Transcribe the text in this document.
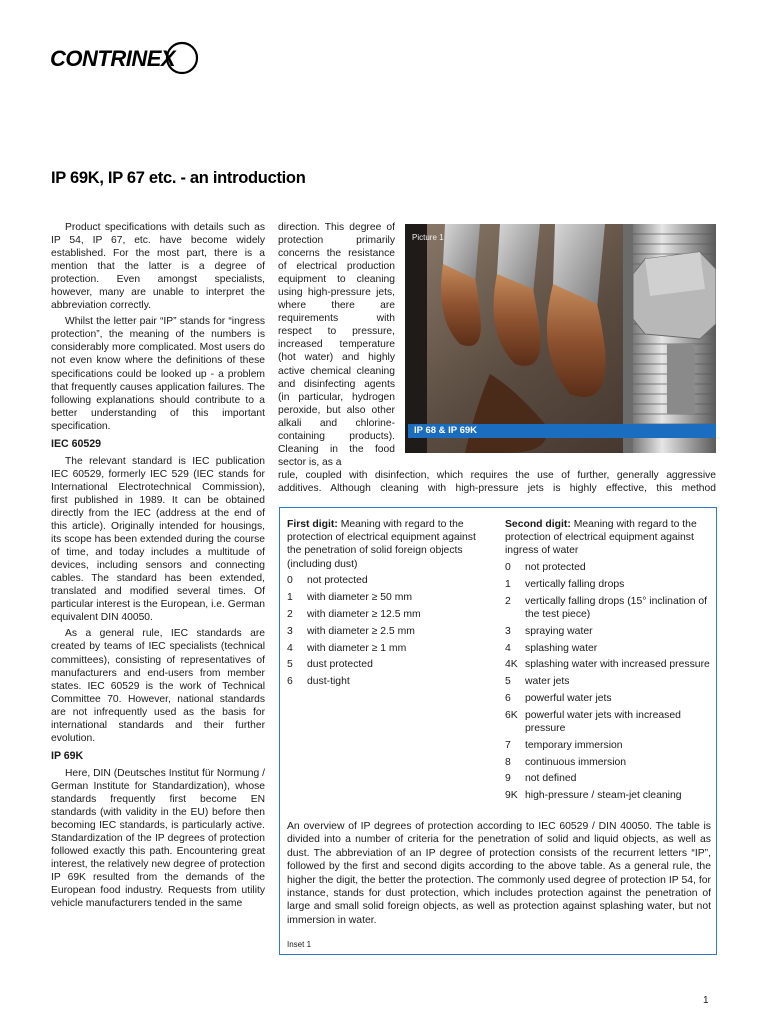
CONTRINEX
IP 69K, IP 67 etc. - an introduction

Product specifications with details such as IP 54, IP 67, etc. have become widely established. For the most part, there is a mention that the latter is a degree of protection. Even amongst specialists, however, many are unable to interpret the abbreviation correctly.

Whilst the letter pair “IP” stands for “ingress protection”, the meaning of the numbers is considerably more complicated. Most users do not even know where the definitions of these specifications could be looked up - a problem that frequently causes application failures. The following explanations should contribute to a better understanding of this important specification.

IEC 60529

The relevant standard is IEC publication IEC 60529, formerly IEC 529 (IEC stands for International Electrotechnical Commission), first published in 1989. It can be obtained directly from the IEC (address at the end of this article). Originally intended for housings, its scope has been extended during the course of time, and today includes a multitude of devices, including sensors and connecting cables. The standard has been extended, translated and modified several times. Of particular interest is the European, i.e. German equivalent DIN 40050.

As a general rule, IEC standards are created by teams of IEC specialists (technical committees), consisting of representatives of manufacturers and end-users from member states. IEC 60529 is the work of Technical Committee 70. However, national standards are not infrequently used as the basis for international standards and their further evolution.

IP 69K

Here, DIN (Deutsches Institut für Normung / German Institute for Standardization), whose standards frequently first become EN standards (with validity in the EU) before then becoming IEC standards, is particularly active. Standardization of the IP degrees of protection followed exactly this path. Encountering great interest, the relatively new degree of protection IP 69K resulted from the demands of the European food industry. Requests from utility vehicle manufacturers tended in the same

direction. This degree of protection primarily concerns the resistance of electrical production equipment to cleaning using high-pressure jets, where there are requirements with respect to pressure, increased temperature (hot water) and highly active chemical cleaning and disinfecting agents (in particular, hydrogen peroxide, but also other alkali and chlorine-containing products). Cleaning in the food sector is, as a

rule, coupled with disinfection, which requires the use of further, generally aggressive
additives. Although cleaning with high-pressure jets is highly effective, this method
Picture 1
IP 68 & IP 69K
First digit: Meaning with regard to the protection of electrical equipment against the penetration of solid foreign objects (including dust)
0	not protected
1	with diameter ≥ 50 mm
2	with diameter ≥ 12.5 mm
3	with diameter ≥ 2.5 mm
4	with diameter ≥ 1 mm
5	dust protected
6	dust-tight
Second digit: Meaning with regard to the protection of electrical equipment against ingress of water
0	not protected
1	vertically falling drops
2	vertically falling drops (15° inclination of the test piece)
3	spraying water
4	splashing water
4K splashing water with increased pressure
5	water jets
6	powerful water jets
6K powerful water jets with increased pressure
7	temporary immersion
8	continuous immersion
9	not defined
9K high-pressure / steam-jet cleaning

An overview of IP degrees of protection according to IEC 60529 / DIN 40050. The table is divided into a number of criteria for the penetration of solid and liquid objects, as well as dust. The abbreviation of an IP degree of protection consists of the recurrent letters “IP”, followed by the first and second digits according to the above table. As a general rule, the higher the digit, the better the protection. The commonly used degree of protection IP 54, for instance, stands for dust protection, which includes protection against the penetration of large and small solid foreign objects, as well as protection against splashing water, but not immersion in water.

Inset 1
1
